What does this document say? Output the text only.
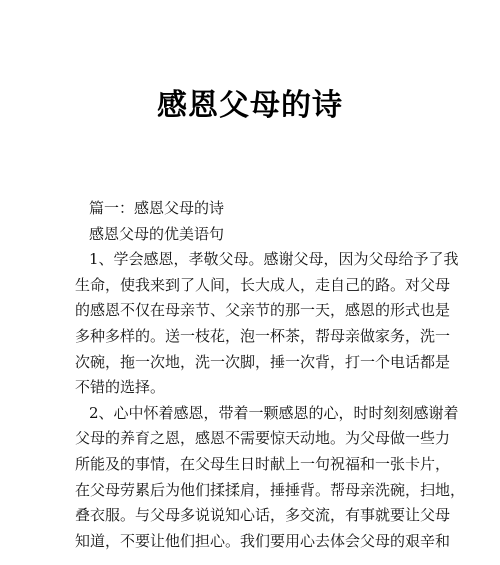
感恩父母的诗
篇一：感恩父母的诗
感恩父母的优美语句
1、学会感恩，孝敬父母。感谢父母，因为父母给予了我
生命，使我来到了人间，长大成人，走自己的路。对父母
的感恩不仅在母亲节、父亲节的那一天，感恩的形式也是
多种多样的。送一枝花，泡一杯茶，帮母亲做家务，洗一
次碗，拖一次地，洗一次脚，捶一次背，打一个电话都是
不错的选择。
2、心中怀着感恩，带着一颗感恩的心，时时刻刻感谢着
父母的养育之恩，感恩不需要惊天动地。为父母做一些力
所能及的事情，在父母生日时献上一句祝福和一张卡片，
在父母劳累后为他们揉揉肩，捶捶背。帮母亲洗碗，扫地，
叠衣服。与父母多说说知心话，多交流，有事就要让父母
知道，不要让他们担心。我们要用心去体会父母的艰辛和
